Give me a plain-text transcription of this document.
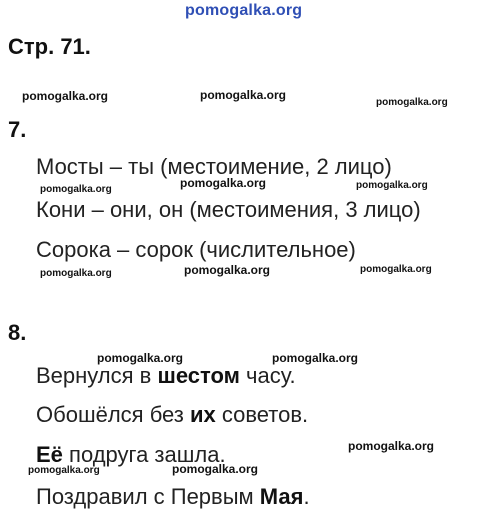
pomogalka.org
Стр. 71.
pomogalka.org	pomogalka.org
pomogalka.org
7.
Мосты – ты (местоимение, 2 лицо)
pomogalka.org	pomogalka.org	pomogalka.org
Кони – они, он (местоимения, 3 лицо)
Сорока – сорок (числительное)
pomogalka.org	pomogalka.org	pomogalka.org
8.
pomogalka.org	pomogalka.org
Вернулся в шестом часу.
Обошёлся без их советов.
pomogalka.org
Её подруга зашла.
pomogalka.org	pomogalka.org
Поздравил с Первым Мая.
